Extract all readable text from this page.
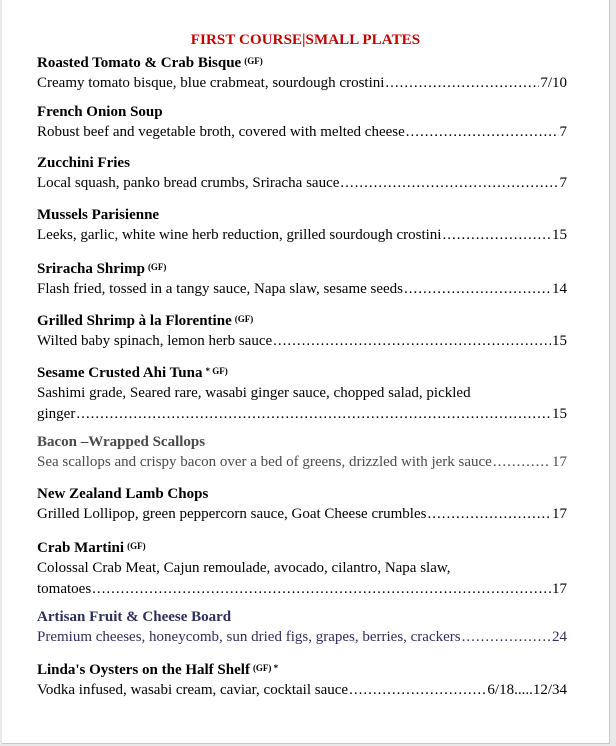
FIRST COURSE|SMALL PLATES
Roasted Tomato & Crab Bisque $^{(GF)}$
Creamy tomato bisque, blue crabmeat, sourdough crostini .....	7/10
French Onion Soup
Robust beef and vegetable broth, covered with melted cheese .....	7
Zucchini Fries
Local squash, panko bread crumbs, Sriracha sauce .....	7
Mussels Parisienne
Leeks, garlic, white wine herb reduction, grilled sourdough crostini .....	15
Sriracha Shrimp $^{(GF)}$
Flash fried, tossed in a tangy sauce, Napa slaw, sesame seeds .....	14
Grilled Shrimp à la Florentine $^{(GF)}$
Wilted baby spinach, lemon herb sauce .....	15
Sesame Crusted Ahi Tuna $^{* GF)}$
Sashimi grade, Seared rare, wasabi ginger sauce, chopped salad, pickled
ginger .....	15
Bacon –Wrapped Scallops
Sea scallops and crispy bacon over a bed of greens, drizzled with jerk sauce .....	17
New Zealand Lamb Chops
Grilled Lollipop, green peppercorn sauce, Goat Cheese crumbles .....	17
Crab Martini $^{(GF)}$
Colossal Crab Meat, Cajun remoulade, avocado, cilantro, Napa slaw,
tomatoes .....	17
Artisan Fruit & Cheese Board
Premium cheeses, honeycomb, sun dried figs, grapes, berries, crackers .....	24
Linda's Oysters on the Half Shelf $^{(GF) *}$
Vodka infused, wasabi cream, caviar, cocktail sauce .....	6/18.....12/34
